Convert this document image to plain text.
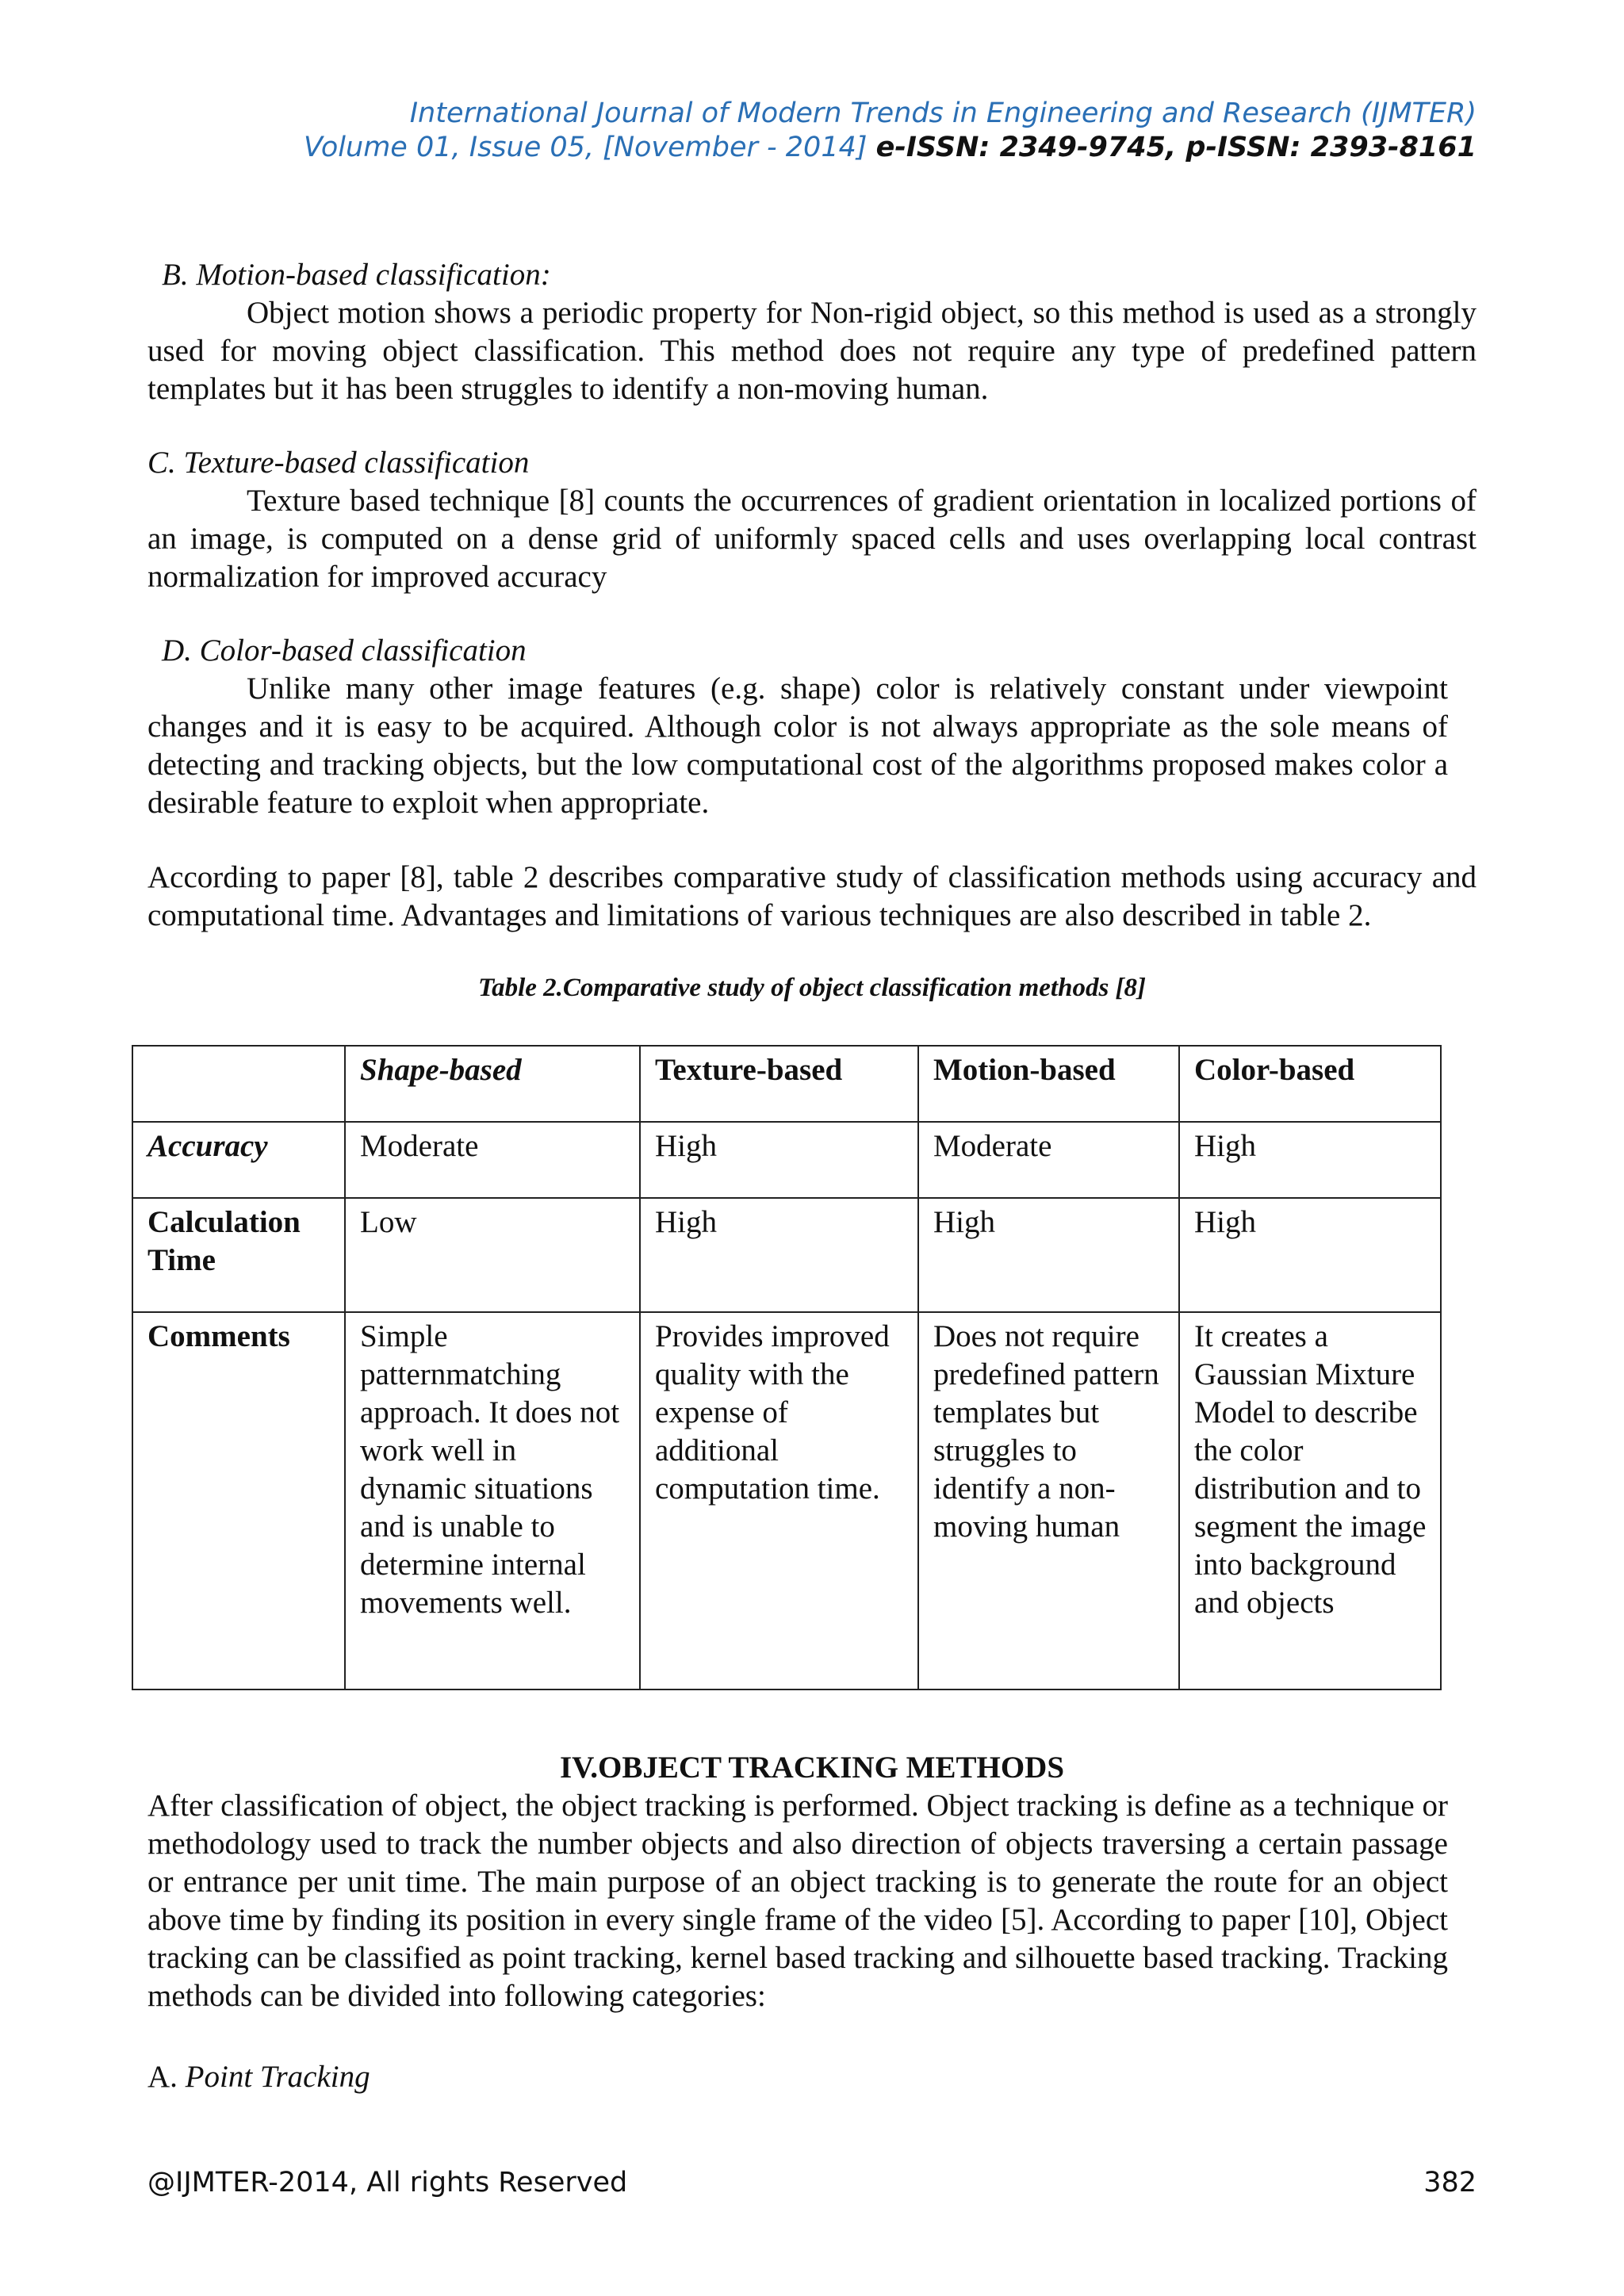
International Journal of Modern Trends in Engineering and Research (IJMTER)
Volume 01, Issue 05, [November - 2014] e-ISSN: 2349-9745, p-ISSN: 2393-8161
B. Motion-based classification:

Object motion shows a periodic property for Non-rigid object, so this method is used as a strongly used for moving object classification. This method does not require any type of predefined pattern templates but it has been struggles to identify a non-moving human.

C. Texture-based classification

Texture based technique [8] counts the occurrences of gradient orientation in localized portions of an image, is computed on a dense grid of uniformly spaced cells and uses overlapping local contrast normalization for improved accuracy

D. Color-based classification

Unlike many other image features (e.g. shape) color is relatively constant under viewpoint changes and it is easy to be acquired. Although color is not always appropriate as the sole means of detecting and tracking objects, but the low computational cost of the algorithms proposed makes color a desirable feature to exploit when appropriate.

According to paper [8], table 2 describes comparative study of classification methods using accuracy and computational time. Advantages and limitations of various techniques are also described in table 2.

Table 2.Comparative study of object classification methods [8]
	Shape-based	Texture-based	Motion-based	Color-based
Accuracy	Moderate	High	Moderate	High
Calculation Time	Low	High	High	High
Comments	Simple patternmatching approach. It does not work well in dynamic situations and is unable to determine internal movements well.	Provides improved quality with the expense of additional computation time.	Does not require predefined pattern templates but struggles to identify a non-moving human	It creates a Gaussian Mixture Model to describe the color distribution and to segment the image into background and objects
IV.OBJECT TRACKING METHODS

After classification of object, the object tracking is performed. Object tracking is define as a technique or methodology used to track the number objects and also direction of objects traversing a certain passage or entrance per unit time. The main purpose of an object tracking is to generate the route for an object above time by finding its position in every single frame of the video [5]. According to paper [10], Object tracking can be classified as point tracking, kernel based tracking and silhouette based tracking. Tracking methods can be divided into following categories:

A. Point Tracking
@IJMTER-2014, All rights Reserved	382
